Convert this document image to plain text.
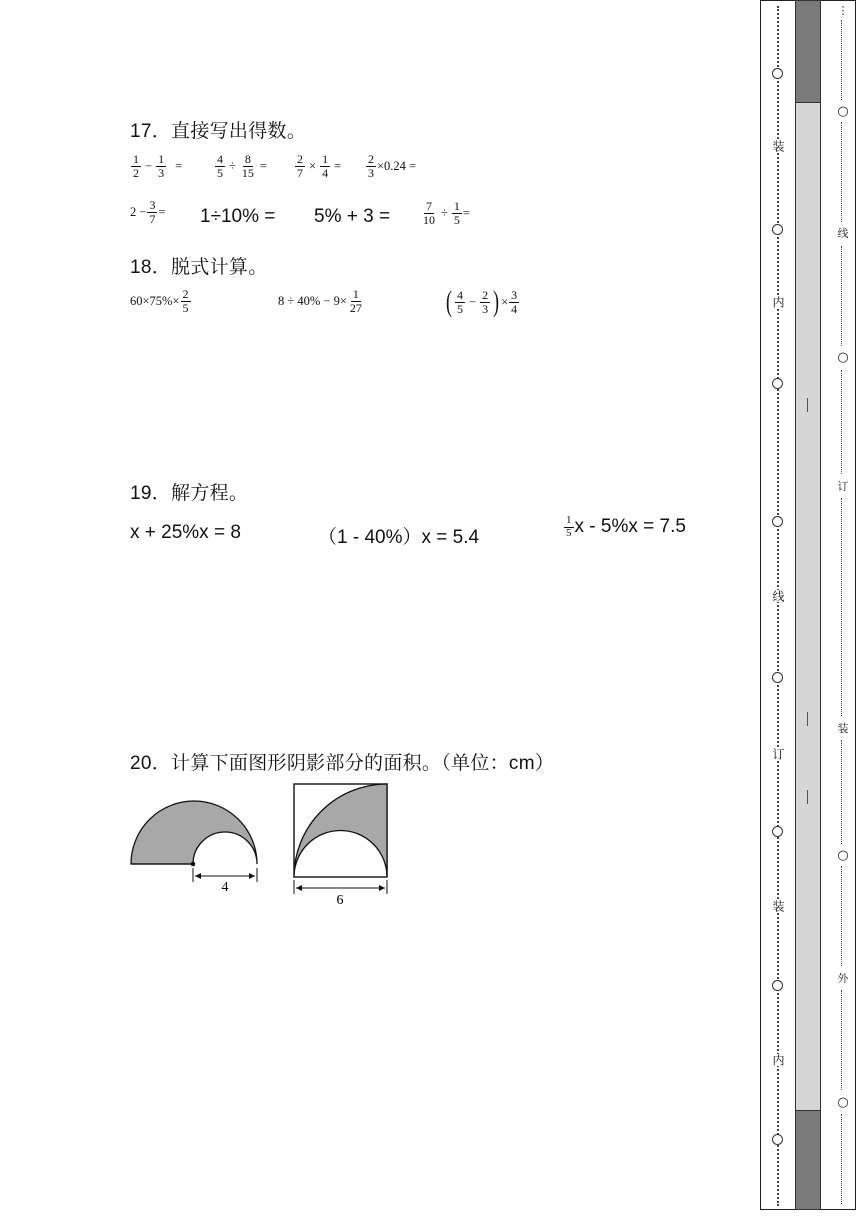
17．直接写出得数。
$\frac{1}{2} - \frac{1}{3}$ =	$\frac{4}{5} \div \frac{8}{15} = \frac{2}{7} \times \frac{1}{4} = \frac{2}{3} \times 0.24$ =
$2 - \frac{3}{7} = 1\div 10\% = 5\% + 3$ =	$\frac{7}{10} \div \frac{1}{5}$ =
18．脱式计算。
$60\times 75\%\times \frac{2}{5}$	$8 \div 40\% - 9\times \frac{1}{27}$	( $\frac{4}{5} - \frac{2}{3}$ ) × $\frac{3}{4}$
19．解方程。
x + 25%x = 8	（1 - 40%）x = 5.4	$\frac{1}{5}$ x - 5%x = 7.5
20．计算下面图形阴影部分的面积。（单位：cm）
4
6
装
内
线
订
装
内
⋮
○
线
○
订
装
○
外
○
